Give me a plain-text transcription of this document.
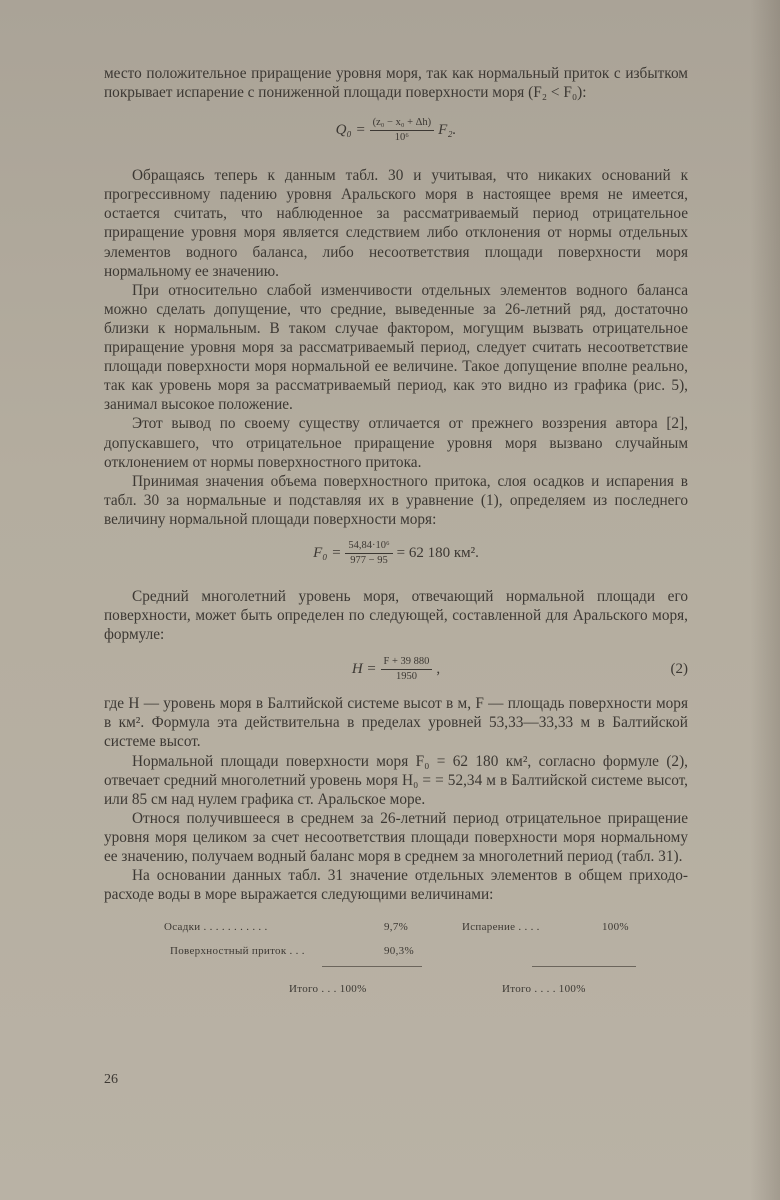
место положительное приращение уровня моря, так как нормальный приток с избытком покрывает испарение с пониженной площади поверхности моря (F₂ < F₀):

$Q_0 = \frac{\text{(z₀ − x₀ + Δh)}}{\text{10⁶}} F_2$.

Обращаясь теперь к данным табл. 30 и учитывая, что никаких оснований к прогрессивному падению уровня Аральского моря в настоящее время не имеется, остается считать, что наблюденное за рассматриваемый период отрицательное приращение уровня моря является следствием либо отклонения от нормы отдельных элементов водного баланса, либо несоответствия площади поверхности моря нормальному ее значению.

При относительно слабой изменчивости отдельных элементов водного баланса можно сделать допущение, что средние, выведенные за 26-летний ряд, достаточно близки к нормальным. В таком случае фактором, могущим вызвать отрицательное приращение уровня моря за рассматриваемый период, следует считать несоответствие площади поверхности моря нормальной ее величине. Такое допущение вполне реально, так как уровень моря за рассматриваемый период, как это видно из графика (рис. 5), занимал высокое положение.

Этот вывод по своему существу отличается от прежнего воззрения автора [2], допускавшего, что отрицательное приращение уровня моря вызвано случайным отклонением от нормы поверхностного притока.

Принимая значения объема поверхностного притока, слоя осадков и испарения в табл. 30 за нормальные и подставляя их в уравнение (1), определяем из последнего величину нормальной площади поверхности моря:

$F_0 = \frac{\text{54,84·10⁶}}{977 - 95} = 62$ 180 км².

Средний многолетний уровень моря, отвечающий нормальной площади его поверхности, может быть определен по следующей, составленной для Аральского моря, формуле:

$H = \frac{F + 39 880}{1950}$ ,	(2)

где H — уровень моря в Балтийской системе высот в м, F — площадь поверхности моря в км². Формула эта действительна в пределах уровней 53,33—33,33 м в Балтийской системе высот.

Нормальной площади поверхности моря F₀ = 62 180 км², согласно формуле (2), отвечает средний многолетний уровень моря H₀ = = 52,34 м в Балтийской системе высот, или 85 см над нулем графика ст. Аральское море.

Относя получившееся в среднем за 26-летний период отрицательное приращение уровня моря целиком за счет несоответствия площади поверхности моря нормальному ее значению, получаем водный баланс моря в среднем за многолетний период (табл. 31).

На основании данных табл. 31 значение отдельных элементов в общем приходо-расходе воды в море выражается следующими величинами:

Осадки . . . . . . . . . . .	9,7%	Испарение . . . .	100%
Поверхностный приток . . .	90,3%
Итого . . . 100%	Итого . . . . 100%
26
